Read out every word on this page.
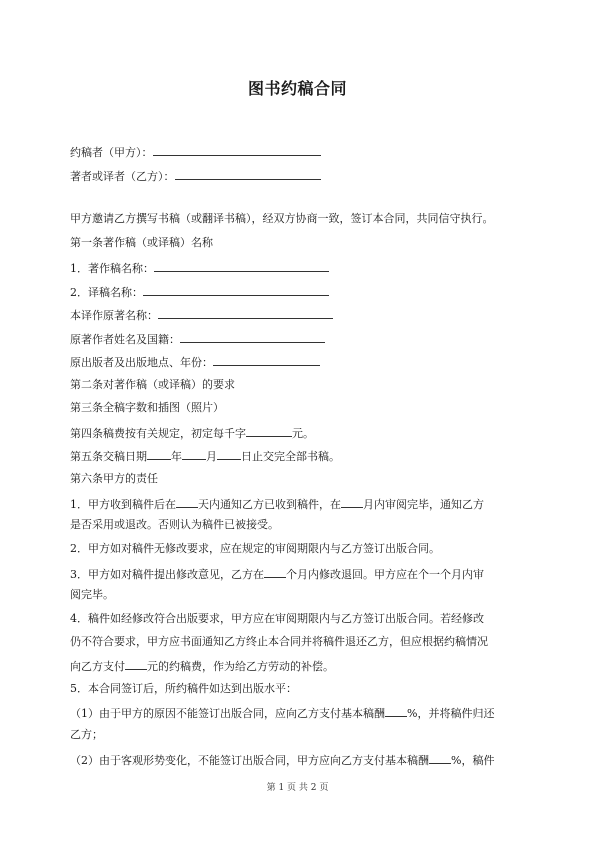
图书约稿合同
约稿者（甲方）：
著者或译者（乙方）：
甲方邀请乙方撰写书稿（或翻译书稿），经双方协商一致，签订本合同，共同信守执行。
第一条著作稿（或译稿）名称
1．著作稿名称：
2．译稿名称：
本译作原著名称：
原著作者姓名及国籍：
原出版者及出版地点、年份：
第二条对著作稿（或译稿）的要求
第三条全稿字数和插图（照片）
第四条稿费按有关规定，初定每千字	元。
第五条交稿日期 年 月 日止交完全部书稿。
第六条甲方的责任
1．甲方收到稿件后在 天内通知乙方已收到稿件，在 月内审阅完毕，通知乙方
是否采用或退改。否则认为稿件已被接受。
2．甲方如对稿件无修改要求，应在规定的审阅期限内与乙方签订出版合同。
3．甲方如对稿件提出修改意见，乙方在 个月内修改退回。甲方应在个一个月内审
阅完毕。
4．稿件如经修改符合出版要求，甲方应在审阅期限内与乙方签订出版合同。若经修改
仍不符合要求，甲方应书面通知乙方终止本合同并将稿件退还乙方，但应根据约稿情况
向乙方支付 元的约稿费，作为给乙方劳动的补偿。
5．本合同签订后，所约稿件如达到出版水平：
（1）由于甲方的原因不能签订出版合同，应向乙方支付基本稿酬 %，并将稿件归还
乙方；
（2）由于客观形势变化，不能签订出版合同，甲方应向乙方支付基本稿酬 %，稿件
第 1 页 共 2 页
